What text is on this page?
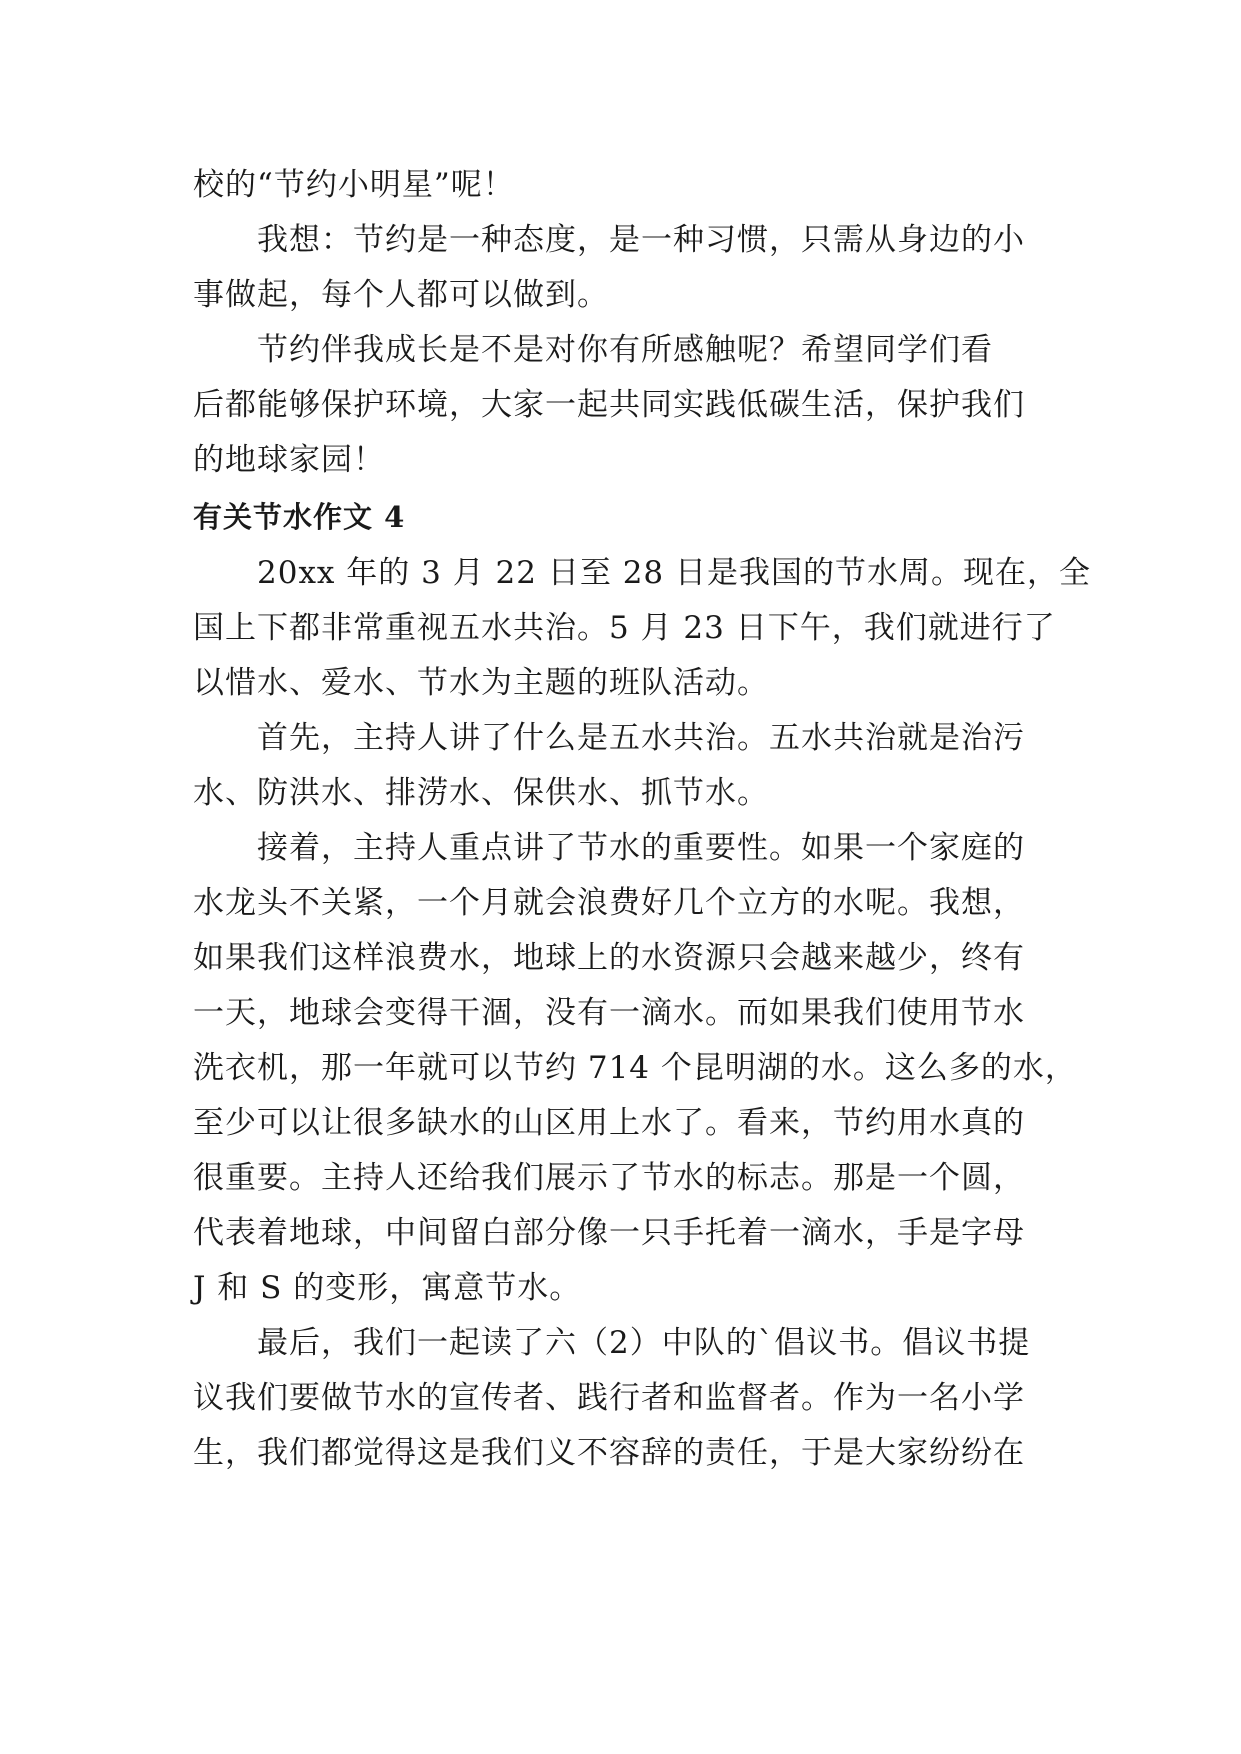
校的“节约小明星”呢！

我想：节约是一种态度，是一种习惯，只需从身边的小
事做起，每个人都可以做到。

节约伴我成长是不是对你有所感触呢？希望同学们看
后都能够保护环境，大家一起共同实践低碳生活，保护我们
的地球家园！

有关节水作文 4

20xx 年的 3 月 22 日至 28 日是我国的节水周。现在，全
国上下都非常重视五水共治。5 月 23 日下午，我们就进行了
以惜水、爱水、节水为主题的班队活动。

首先，主持人讲了什么是五水共治。五水共治就是治污
水、防洪水、排涝水、保供水、抓节水。

接着，主持人重点讲了节水的重要性。如果一个家庭的
水龙头不关紧，一个月就会浪费好几个立方的水呢。我想，
如果我们这样浪费水，地球上的水资源只会越来越少，终有
一天，地球会变得干涸，没有一滴水。而如果我们使用节水
洗衣机，那一年就可以节约 714 个昆明湖的水。这么多的水，
至少可以让很多缺水的山区用上水了。看来，节约用水真的
很重要。主持人还给我们展示了节水的标志。那是一个圆，
代表着地球，中间留白部分像一只手托着一滴水，手是字母
J 和 S 的变形，寓意节水。

最后，我们一起读了六（2）中队的`倡议书。倡议书提
议我们要做节水的宣传者、践行者和监督者。作为一名小学
生，我们都觉得这是我们义不容辞的责任，于是大家纷纷在
